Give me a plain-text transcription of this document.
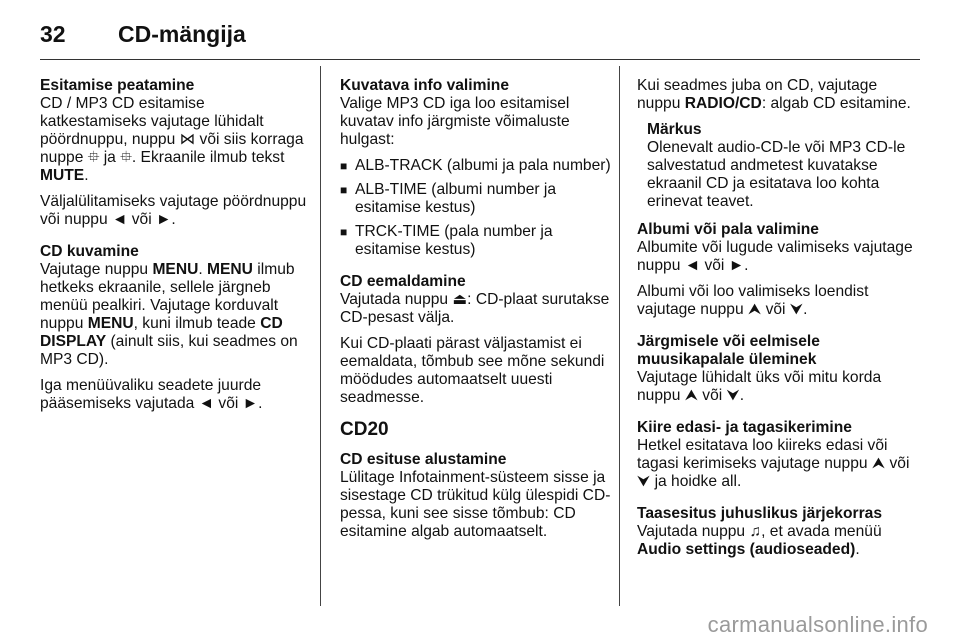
32	CD-mängija
Esitamise peatamine

CD / MP3 CD esitamise katkestamiseks vajutage lühidalt pöördnuppu, nuppu ⋈ või siis korraga nuppe ⯐ ja ⯐. Ekraanile ilmub tekst MUTE.

Väljalülitamiseks vajutage pöördnuppu või nuppu ◄ või ►.

CD kuvamine

Vajutage nuppu MENU. MENU ilmub hetkeks ekraanile, sellele järgneb menüü pealkiri. Vajutage korduvalt nuppu MENU, kuni ilmub teade CD DISPLAY (ainult siis, kui seadmes on MP3 CD).

Iga menüüvaliku seadete juurde pääsemiseks vajutada ◄ või ►.

Kuvatava info valimine

Valige MP3 CD iga loo esitamisel kuvatav info järgmiste võimaluste hulgast:

■ ALB-TRACK (albumi ja pala number)
■ ALB-TIME (albumi number ja esitamise kestus)
■ TRCK-TIME (pala number ja esitamise kestus)
CD eemaldamine

Vajutada nuppu ⏏: CD-plaat surutakse CD-pesast välja.

Kui CD-plaati pärast väljastamist ei eemaldata, tõmbub see mõne sekundi möödudes automaatselt uuesti seadmesse.

CD20
CD esituse alustamine

Lülitage Infotainment-süsteem sisse ja sisestage CD trükitud külg ülespidi CD-pessa, kuni see sisse tõmbub: CD esitamine algab automaatselt.

Kui seadmes juba on CD, vajutage nuppu RADIO/CD: algab CD esitamine.

Märkus
Olenevalt audio-CD-le või MP3 CD-le salvestatud andmetest kuvatakse ekraanil CD ja esitatava loo kohta erinevat teavet.
Albumi või pala valimine

Albumite või lugude valimiseks vajutage nuppu ◄ või ►.

Albumi või loo valimiseks loendist vajutage nuppu ⮝ või ⮟.

Järgmisele või eelmisele
muusikapalale üleminek

Vajutage lühidalt üks või mitu korda nuppu ⮝ või ⮟.

Kiire edasi- ja tagasikerimine

Hetkel esitatava loo kiireks edasi või tagasi kerimiseks vajutage nuppu ⮝ või ⮟ ja hoidke all.

Taasesitus juhuslikus järjekorras

Vajutada nuppu ♫, et avada menüü
Audio settings (audioseaded).

carmanualsonline.info
